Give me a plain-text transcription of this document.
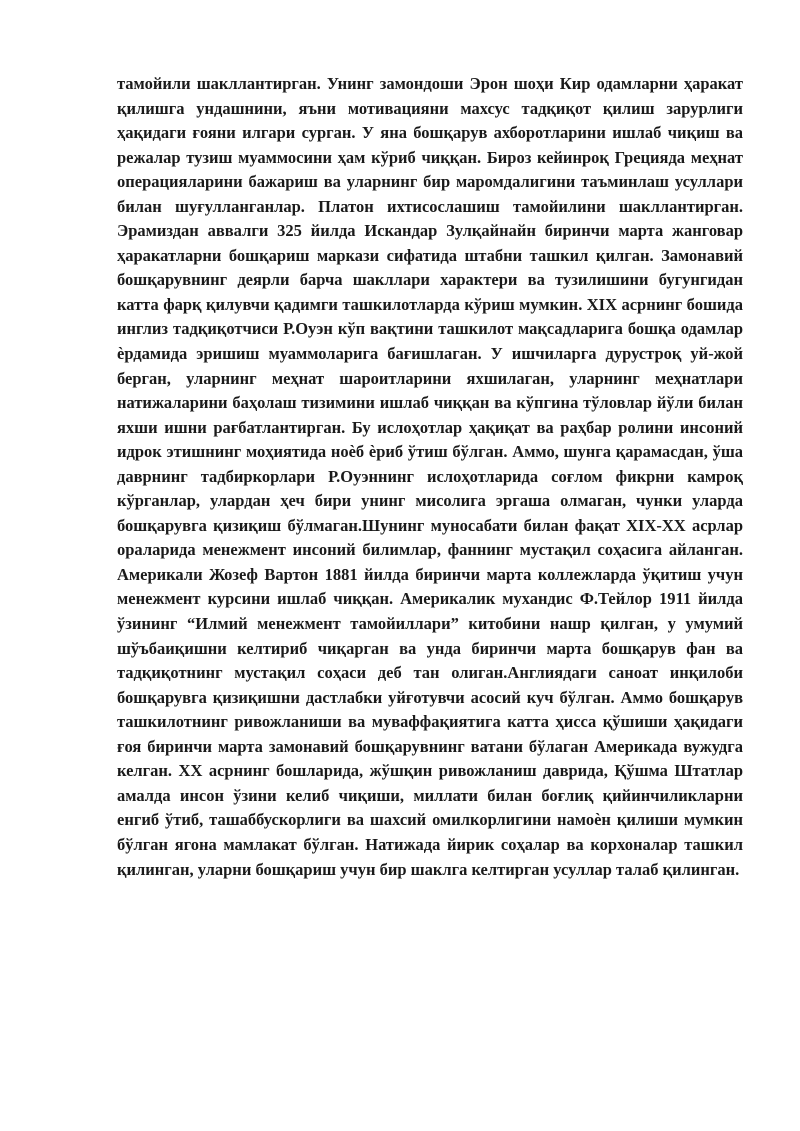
тамойили шакллантирган. Унинг замондоши Эрон шоҳи Кир одамларни ҳаракат қилишга ундашнини, яъни мотивацияни махсус тадқиқот қилиш зарурлиги ҳақидаги ғояни илгари сурган. У яна бошқарув ахборотларини ишлаб чиқиш ва режалар тузиш муаммосини ҳам кўриб чиққан. Бироз кейинроқ Грецияда меҳнат операцияларини бажариш ва уларнинг бир маромдалигини таъминлаш усуллари билан шуғулланганлар. Платон ихтисослашиш тамойилини шакллантирган. Эрамиздан аввалги 325 йилда Искандар Зулқайнайн биринчи марта жанговар ҳаракатларни бошқариш маркази сифатида штабни ташкил қилган. Замонавий бошқарувнинг деярли барча шакллари характери ва тузилишини бугунгидан катта фарқ қилувчи қадимги ташкилотларда кўриш мумкин. XIX асрнинг бошида инглиз тадқиқотчиси Р.Оуэн кўп вақтини ташкилот мақсадларига бошқа одамлар ѐрдамида эришиш муаммоларига бағишлаган. У ишчиларга дурустроқ уй-жой берган, уларнинг меҳнат шароитларини яхшилаган, уларнинг меҳнатлари натижаларини баҳолаш тизимини ишлаб чиққан ва кўпгина тўловлар йўли билан яхши ишни рағбатлантирган. Бу ислоҳотлар ҳақиқат ва раҳбар ролини инсоний идрок этишнинг моҳиятида ноѐб ѐриб ўтиш бўлган. Аммо, шунга қарамасдан, ўша даврнинг тадбиркорлари Р.Оуэннинг ислоҳотларида соғлом фикрни камроқ кўрганлар, улардан ҳеч бири унинг мисолига эргаша олмаган, чунки уларда бошқарувга қизиқиш бўлмаган.Шунинг муносабати билан фақат XIX-XX асрлар ораларида менежмент инсоний билимлар, фаннинг мустақил соҳасига айланган. Америкали Жозеф Вартон 1881 йилда биринчи марта коллежларда ўқитиш учун менежмент курсини ишлаб чиққан. Америкалик мухандис Ф.Тейлор 1911 йилда ўзининг “Илмий менежмент тамойиллари” китобини нашр қилган, у умумий шўъбаиқишни келтириб чиқарган ва унда биринчи марта бошқарув фан ва тадқиқотнинг мустақил соҳаси деб тан олиган.Англиядаги саноат инқилоби бошқарувга қизиқишни дастлабки уйғотувчи асосий куч бўлган. Аммо бошқарув ташкилотнинг ривожланиши ва муваффақиятига катта ҳисса қўшиши ҳақидаги ғоя биринчи марта замонавий бошқарувнинг ватани бўлаган Америкада вужудга келган. XX асрнинг бошларида, жўшқин ривожланиш даврида, Қўшма Штатлар амалда инсон ўзини келиб чиқиши, миллати билан боғлиқ қийинчиликларни енгиб ўтиб, ташаббускорлиги ва шахсий омилкорлигини намоѐн қилиши мумкин бўлган ягона мамлакат бўлган. Натижада йирик соҳалар ва корхоналар ташкил қилинган, уларни бошқариш учун бир шаклга келтирган усуллар талаб қилинган.
